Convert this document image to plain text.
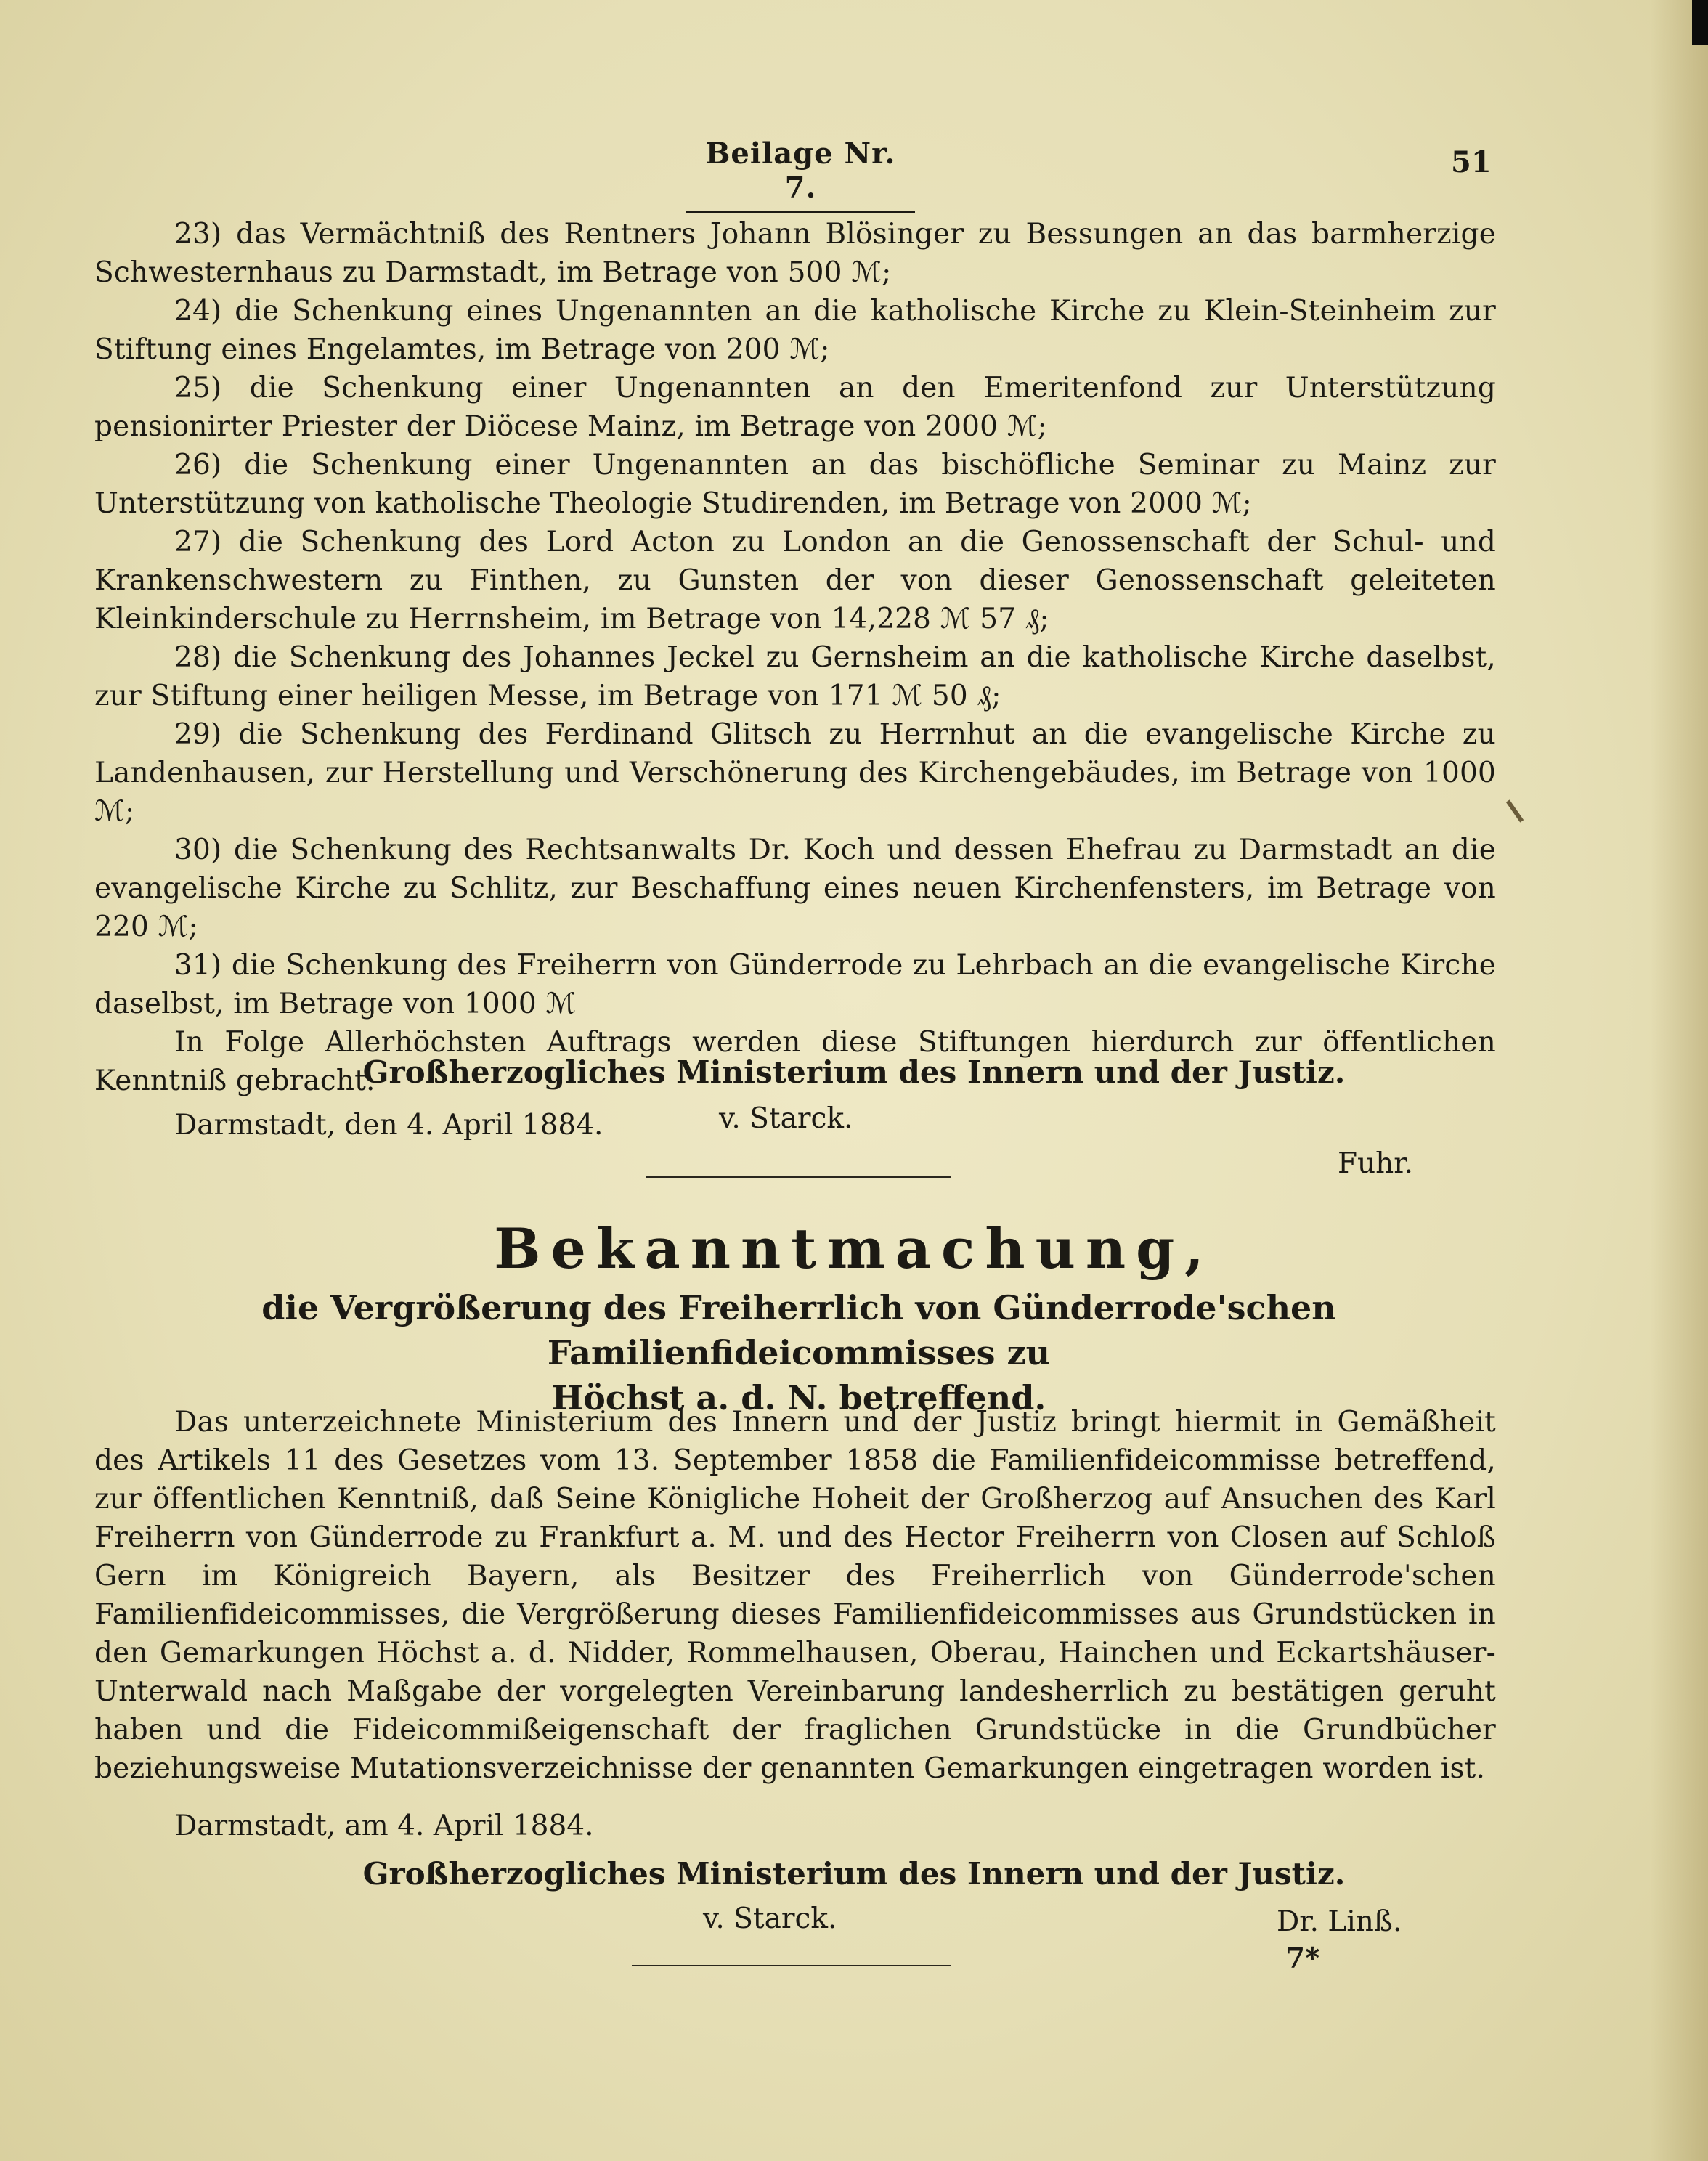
Beilage Nr. 7.
51

23) das Vermächtniß des Rentners Johann Blösinger zu Bessungen an das barmherzige Schwesternhaus zu Darmstadt, im Betrage von 500 ℳ;

24) die Schenkung eines Ungenannten an die katholische Kirche zu Klein-Steinheim zur Stiftung eines Engelamtes, im Betrage von 200 ℳ;

25) die Schenkung einer Ungenannten an den Emeritenfond zur Unterstützung pensionirter Priester der Diöcese Mainz, im Betrage von 2000 ℳ;

26) die Schenkung einer Ungenannten an das bischöfliche Seminar zu Mainz zur Unterstützung von katholische Theologie Studirenden, im Betrage von 2000 ℳ;

27) die Schenkung des Lord Acton zu London an die Genossenschaft der Schul- und Krankenschwestern zu Finthen, zu Gunsten der von dieser Genossenschaft geleiteten Kleinkinderschule zu Herrnsheim, im Betrage von 14,228 ℳ 57 ₰;

28) die Schenkung des Johannes Jeckel zu Gernsheim an die katholische Kirche daselbst, zur Stiftung einer heiligen Messe, im Betrage von 171 ℳ 50 ₰;

29) die Schenkung des Ferdinand Glitsch zu Herrnhut an die evangelische Kirche zu Landenhausen, zur Herstellung und Verschönerung des Kirchengebäudes, im Betrage von 1000 ℳ;

30) die Schenkung des Rechtsanwalts Dr. Koch und dessen Ehefrau zu Darmstadt an die evangelische Kirche zu Schlitz, zur Beschaffung eines neuen Kirchenfensters, im Betrage von 220 ℳ;

31) die Schenkung des Freiherrn von Günderrode zu Lehrbach an die evangelische Kirche daselbst, im Betrage von 1000 ℳ

In Folge Allerhöchsten Auftrags werden diese Stiftungen hierdurch zur öffentlichen Kenntniß gebracht.

Darmstadt, den 4. April 1884.

Großherzogliches Ministerium des Innern und der Justiz.
v. Starck.
Fuhr.
Bekanntmachung,
die Vergrößerung des Freiherrlich von Günderrode'schen Familienfideicommisses zu
Höchst a. d. N. betreffend.

Das unterzeichnete Ministerium des Innern und der Justiz bringt hiermit in Gemäßheit des Artikels 11 des Gesetzes vom 13. September 1858 die Familienfideicommisse betreffend, zur öffentlichen Kenntniß, daß Seine Königliche Hoheit der Großherzog auf Ansuchen des Karl Freiherrn von Günderrode zu Frankfurt a. M. und des Hector Freiherrn von Closen auf Schloß Gern im Königreich Bayern, als Besitzer des Freiherrlich von Günderrode'schen Familienfideicommisses, die Vergrößerung dieses Familienfideicommisses aus Grundstücken in den Gemarkungen Höchst a. d. Nidder, Rommelhausen, Oberau, Hainchen und Eckartshäuser-Unterwald nach Maßgabe der vorgelegten Vereinbarung landesherrlich zu bestätigen geruht haben und die Fideicommißeigenschaft der fraglichen Grundstücke in die Grundbücher beziehungsweise Mutationsverzeichnisse der genannten Gemarkungen eingetragen worden ist.

Darmstadt, am 4. April 1884.

Großherzogliches Ministerium des Innern und der Justiz.
v. Starck.	Dr. Linß.
7*
